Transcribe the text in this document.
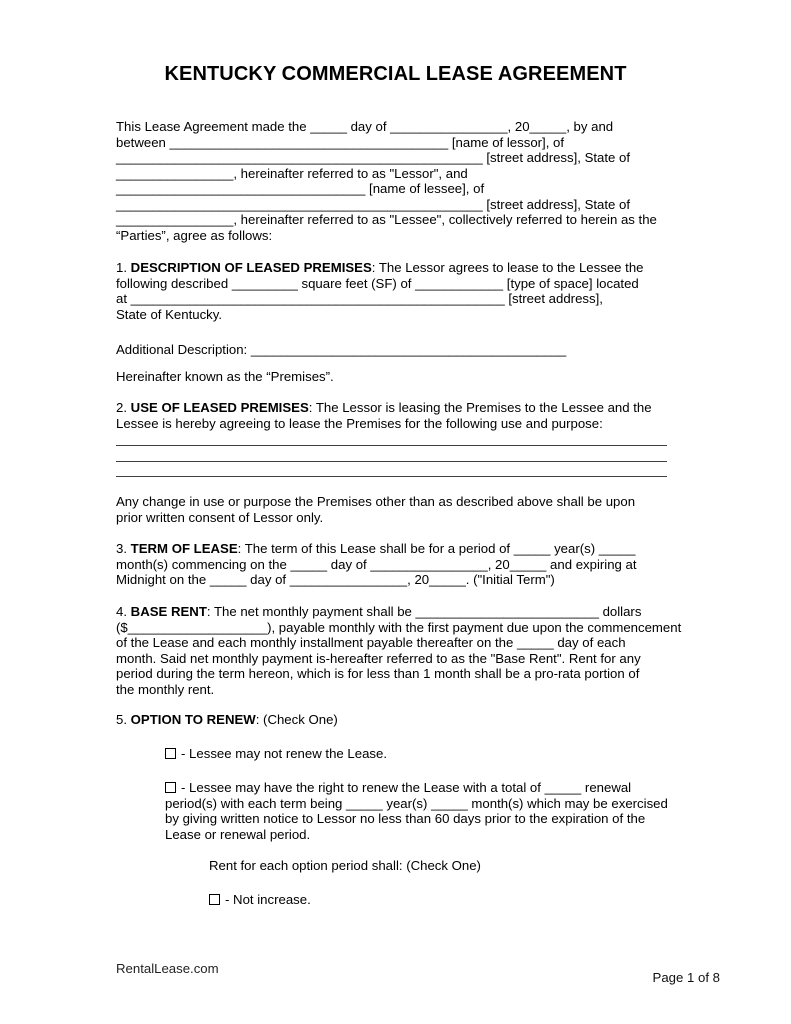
KENTUCKY COMMERCIAL LEASE AGREEMENT
This Lease Agreement made the _____ day of ________________, 20_____, by and
between ______________________________________ [name of lessor], of
__________________________________________________ [street address], State of
________________, hereinafter referred to as "Lessor", and
__________________________________ [name of lessee], of
__________________________________________________ [street address], State of
________________, hereinafter referred to as "Lessee", collectively referred to herein as the
“Parties”, agree as follows:
1. DESCRIPTION OF LEASED PREMISES: The Lessor agrees to lease to the Lessee the
following described _________ square feet (SF) of ____________ [type of space] located
at ___________________________________________________ [street address],
State of Kentucky.
Additional Description: ___________________________________________
Hereinafter known as the “Premises”.
2. USE OF LEASED PREMISES: The Lessor is leasing the Premises to the Lessee and the
Lessee is hereby agreeing to lease the Premises for the following use and purpose:
Any change in use or purpose the Premises other than as described above shall be upon
prior written consent of Lessor only.
3. TERM OF LEASE: The term of this Lease shall be for a period of _____ year(s) _____
month(s) commencing on the _____ day of ________________, 20_____ and expiring at
Midnight on the _____ day of ________________, 20_____. ("Initial Term")
4. BASE RENT: The net monthly payment shall be _________________________ dollars
($___________________), payable monthly with the first payment due upon the commencement
of the Lease and each monthly installment payable thereafter on the _____ day of each
month. Said net monthly payment is-hereafter referred to as the "Base Rent". Rent for any
period during the term hereon, which is for less than 1 month shall be a pro-rata portion of
the monthly rent.
5. OPTION TO RENEW: (Check One)
- Lessee may not renew the Lease.
- Lessee may have the right to renew the Lease with a total of _____ renewal
period(s) with each term being _____ year(s) _____ month(s) which may be exercised
by giving written notice to Lessor no less than 60 days prior to the expiration of the
Lease or renewal period.
Rent for each option period shall: (Check One)
- Not increase.
RentalLease.com
Page 1 of 8
